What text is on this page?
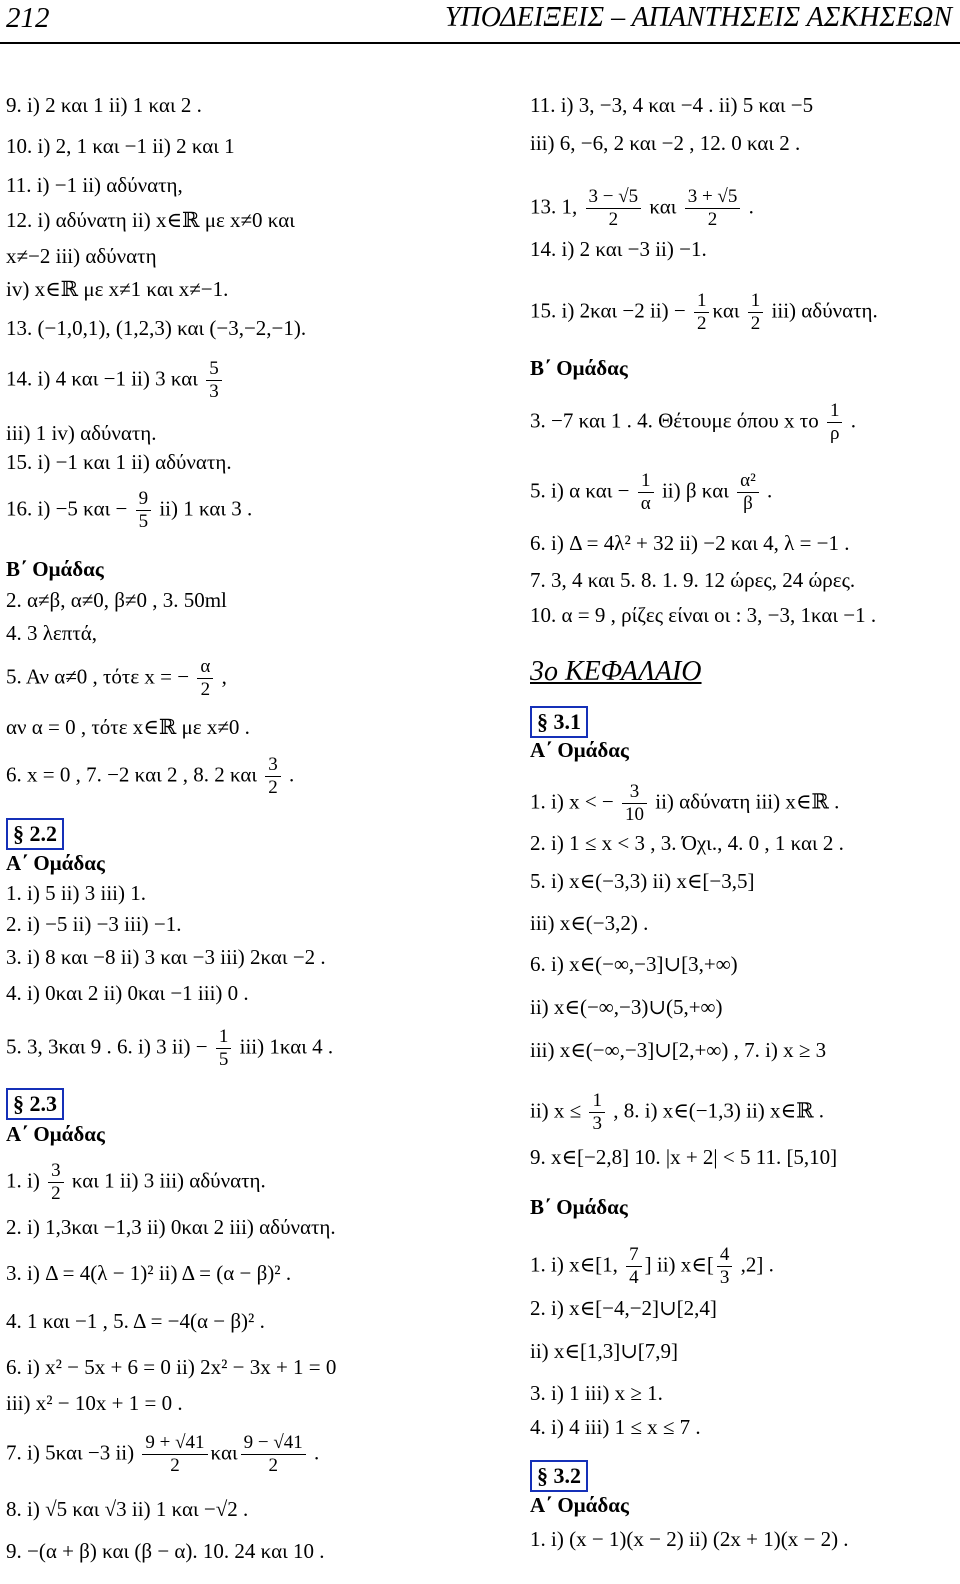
212	ΥΠΟΔΕΙΞΕΙΣ – ΑΠΑΝΤΗΣΕΙΣ ΑΣΚΗΣΕΩΝ
9. i) 2 και 1 ii) 1 και 2 .
10. i) 2, 1 και −1 ii) 2 και 1
11. i) −1 ii) αδύνατη,
12. i) αδύνατη ii) x∈ℝ με x≠0 και
x≠−2 iii) αδύνατη
iv) x∈ℝ με x≠1 και x≠−1.
13. (−1,0,1), (1,2,3) και (−3,−2,−1).
14. i) 4 και −1 ii) 3 και $\frac{5}{3}$
iii) 1 iv) αδύνατη.
15. i) −1 και 1 ii) αδύνατη.
16. i) −5 $\kappa\alpha\iota - \frac{9}{5} ii$) 1 και 3 .
Β΄ Ομάδας
2. α≠β, α≠0, β≠0 , 3. 50ml
4. 3 λεπτά,
5. Αν α≠0 , τότε x = − $\frac{\alpha}{2}$ ,
αν α = 0 , τότε x∈ℝ με x≠0 .
6. x = 0 , 7. −2 και 2 , 8. 2 και $\frac{3}{2}$ .
§ 2.2
Α΄ Ομάδας
1. i) 5 ii) 3 iii) 1.
2. i) −5 ii) −3 iii) −1.
3. i) 8 και −8 ii) 3 και −3 iii) 2και −2 .
4. i) 0και 2 ii) 0και −1 iii) 0 .
5. 3, 3και 9 . 6. i) 3 $ii) - \frac{1}{5} iii$) 1και 4 .
§ 2.3
Α΄ Ομάδας
1. $i) \frac{3}{2}$ και 1 ii) 3 iii) αδύνατη.
2. i) 1,3και −1,3 ii) 0και 2 iii) αδύνατη.
3. i) Δ = 4(λ − 1)² ii) Δ = (α − β)² .
4. 1 και −1 , 5. Δ = −4(α − β)² .
6. i) x² − 5x + 6 = 0 ii) 2x² − 3x + 1 = 0
iii) x² − 10x + 1 = 0 .
7. i) 5και −3 $ii) \frac{9 + √41}{2}$ και $\frac{9 - √41}{2}$ .
8. i) √5 και √3 ii) 1 και −√2 .
9. −(α + β) και (β − α). 10. 24 και 10 .
11. i) 3, −3, 4 και −4 . ii) 5 και −5
iii) 6, −6, 2 και −2 , 12. 0 και 2 .
13. 1, $\frac{3 - √5}{2}$ και $\frac{3 + √5}{2}$ .
14. i) 2 και −3 ii) −1.
15. i) 2και −2 $ii) - \frac{1}{2}$ και $\frac{1}{2} iii$) αδύνατη.
Β΄ Ομάδας
3. −7 και 1 . 4. Θέτουμε όπου x το $\frac{1}{\rho}$ .
5. i) α $\kappa\alpha\iota - \frac{1}{\alpha} ii$) β και $\frac{\text{α²}}{\beta}$ .
6. i) Δ = 4λ² + 32 ii) −2 και 4, λ = −1 .
7. 3, 4 και 5. 8. 1. 9. 12 ώρες, 24 ώρες.
10. α = 9 , ρίζες είναι οι : 3, −3, 1και −1 .
3ο ΚΕΦΑΛΑΙΟ
§ 3.1
Α΄ Ομάδας
1. i) x < − $\frac{3}{10} ii$) αδύνατη iii) x∈ℝ .
2. i) 1 ≤ x < 3 , 3. Όχι., 4. 0 , 1 και 2 .
5. i) x∈(−3,3) ii) x∈[−3,5]
iii) x∈(−3,2) .
6. i) x∈(−∞,−3]∪[3,+∞)
ii) x∈(−∞,−3)∪(5,+∞)
iii) x∈(−∞,−3]∪[2,+∞) , 7. i) x ≥ 3
ii) $x \le \frac{1}{3}$ , 8. i) x∈(−1,3) ii) x∈ℝ .
9. x∈[−2,8] 10. |x + 2| < 5 11. [5,10]
Β΄ Ομάδας
1. i) x∈[1, $\frac{7}{4}$ ] ii) x∈[ $\frac{4}{3} ,2$] .
2. i) x∈[−4,−2]∪[2,4]
ii) x∈[1,3]∪[7,9]
3. i) 1 iii) x ≥ 1.
4. i) 4 iii) 1 ≤ x ≤ 7 .
§ 3.2
Α΄ Ομάδας
1. i) (x − 1)(x − 2) ii) (2x + 1)(x − 2) .
